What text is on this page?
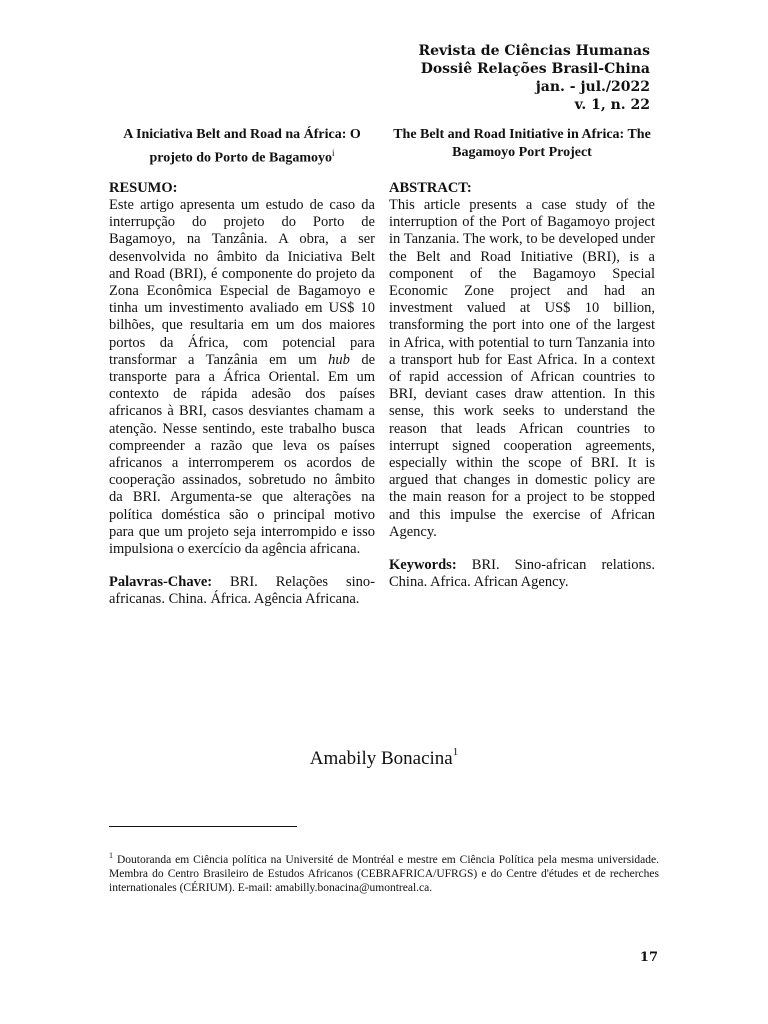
Revista de Ciências Humanas
Dossiê Relações Brasil-China
jan. - jul./2022
v. 1, n. 22
A Iniciativa Belt and Road na África: O projeto do Porto de Bagamoyo$^i$
RESUMO:
Este artigo apresenta um estudo de caso da interrupção do projeto do Porto de Bagamoyo, na Tanzânia. A obra, a ser desenvolvida no âmbito da Iniciativa Belt and Road (BRI), é componente do projeto da Zona Econômica Especial de Bagamoyo e tinha um investimento avaliado em US$ 10 bilhões, que resultaria em um dos maiores portos da África, com potencial para transformar a Tanzânia em um hub de transporte para a África Oriental. Em um contexto de rápida adesão dos países africanos à BRI, casos desviantes chamam a atenção. Nesse sentindo, este trabalho busca compreender a razão que leva os países africanos a interromperem os acordos de cooperação assinados, sobretudo no âmbito da BRI. Argumenta-se que alterações na política doméstica são o principal motivo para que um projeto seja interrompido e isso impulsiona o exercício da agência africana.
Palavras-Chave: BRI. Relações sino-africanas. China. África. Agência Africana.
The Belt and Road Initiative in Africa: The Bagamoyo Port Project
ABSTRACT:
This article presents a case study of the interruption of the Port of Bagamoyo project in Tanzania. The work, to be developed under the Belt and Road Initiative (BRI), is a component of the Bagamoyo Special Economic Zone project and had an investment valued at US$ 10 billion, transforming the port into one of the largest in Africa, with potential to turn Tanzania into a transport hub for East Africa. In a context of rapid accession of African countries to BRI, deviant cases draw attention. In this sense, this work seeks to understand the reason that leads African countries to interrupt signed cooperation agreements, especially within the scope of BRI. It is argued that changes in domestic policy are the main reason for a project to be stopped and this impulse the exercise of African Agency.
Keywords: BRI. Sino-african relations. China. Africa. African Agency.
Amabily Bonacina$^1$
$^1$ Doutoranda em Ciência política na Université de Montréal e mestre em Ciência Política pela mesma universidade. Membra do Centro Brasileiro de Estudos Africanos (CEBRAFRICA/UFRGS) e do Centre d'études et de recherches internationales (CÉRIUM). E-mail: amabilly.bonacina@umontreal.ca.
17
